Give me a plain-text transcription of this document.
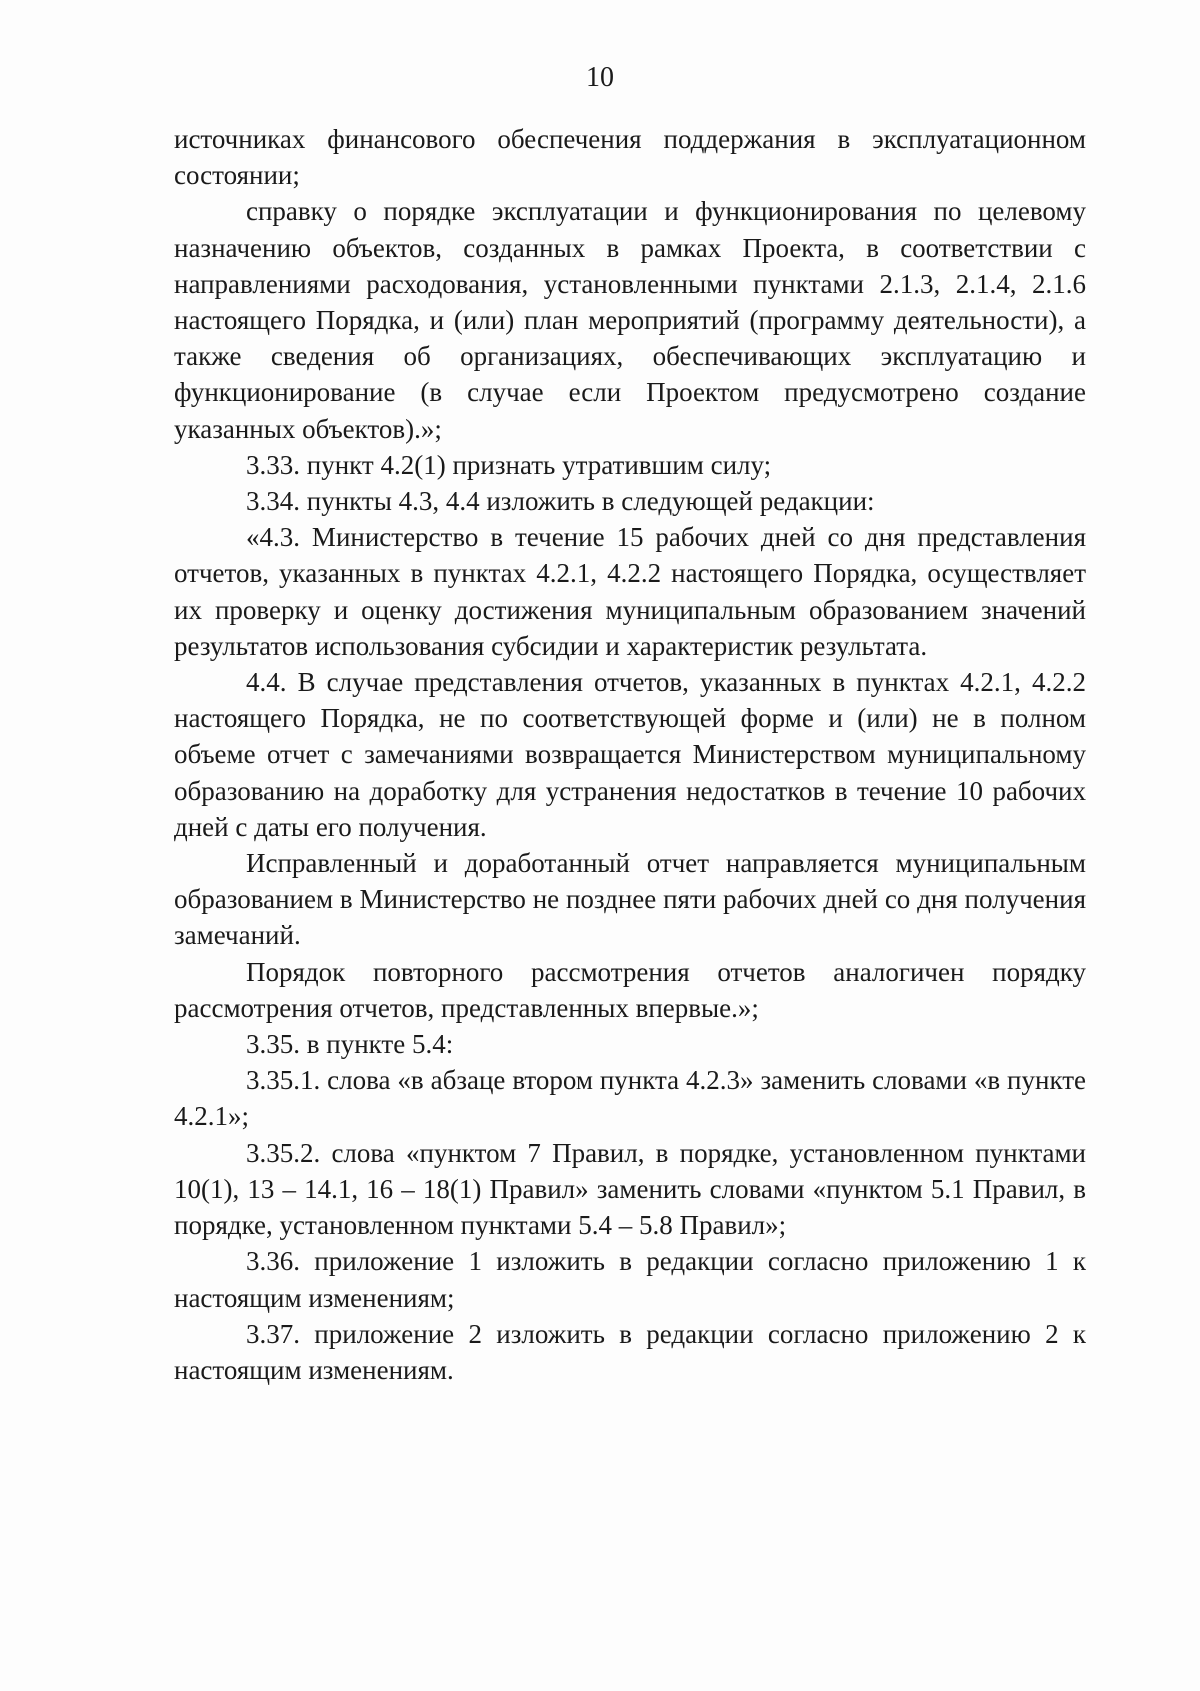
10

источниках финансового обеспечения поддержания в эксплуатационном состоянии;

справку о порядке эксплуатации и функционирования по целевому назначению объектов, созданных в рамках Проекта, в соответствии с направлениями расходования, установленными пунктами 2.1.3, 2.1.4, 2.1.6 настоящего Порядка, и (или) план мероприятий (программу деятельности), а также сведения об организациях, обеспечивающих эксплуатацию и функционирование (в случае если Проектом предусмотрено создание указанных объектов).»;

3.33. пункт 4.2(1) признать утратившим силу;

3.34. пункты 4.3, 4.4 изложить в следующей редакции:

«4.3. Министерство в течение 15 рабочих дней со дня представления отчетов, указанных в пунктах 4.2.1, 4.2.2 настоящего Порядка, осуществляет их проверку и оценку достижения муниципальным образованием значений результатов использования субсидии и характеристик результата.

4.4. В случае представления отчетов, указанных в пунктах 4.2.1, 4.2.2 настоящего Порядка, не по соответствующей форме и (или) не в полном объеме отчет с замечаниями возвращается Министерством муниципальному образованию на доработку для устранения недостатков в течение 10 рабочих дней с даты его получения.

Исправленный и доработанный отчет направляется муниципальным образованием в Министерство не позднее пяти рабочих дней со дня получения замечаний.

Порядок повторного рассмотрения отчетов аналогичен порядку рассмотрения отчетов, представленных впервые.»;

3.35. в пункте 5.4:

3.35.1. слова «в абзаце втором пункта 4.2.3» заменить словами «в пункте 4.2.1»;

3.35.2. слова «пунктом 7 Правил, в порядке, установленном пунктами 10(1), 13 – 14.1, 16 – 18(1) Правил» заменить словами «пунктом 5.1 Правил, в порядке, установленном пунктами 5.4 – 5.8 Правил»;

3.36. приложение 1 изложить в редакции согласно приложению 1 к настоящим изменениям;

3.37. приложение 2 изложить в редакции согласно приложению 2 к настоящим изменениям.
